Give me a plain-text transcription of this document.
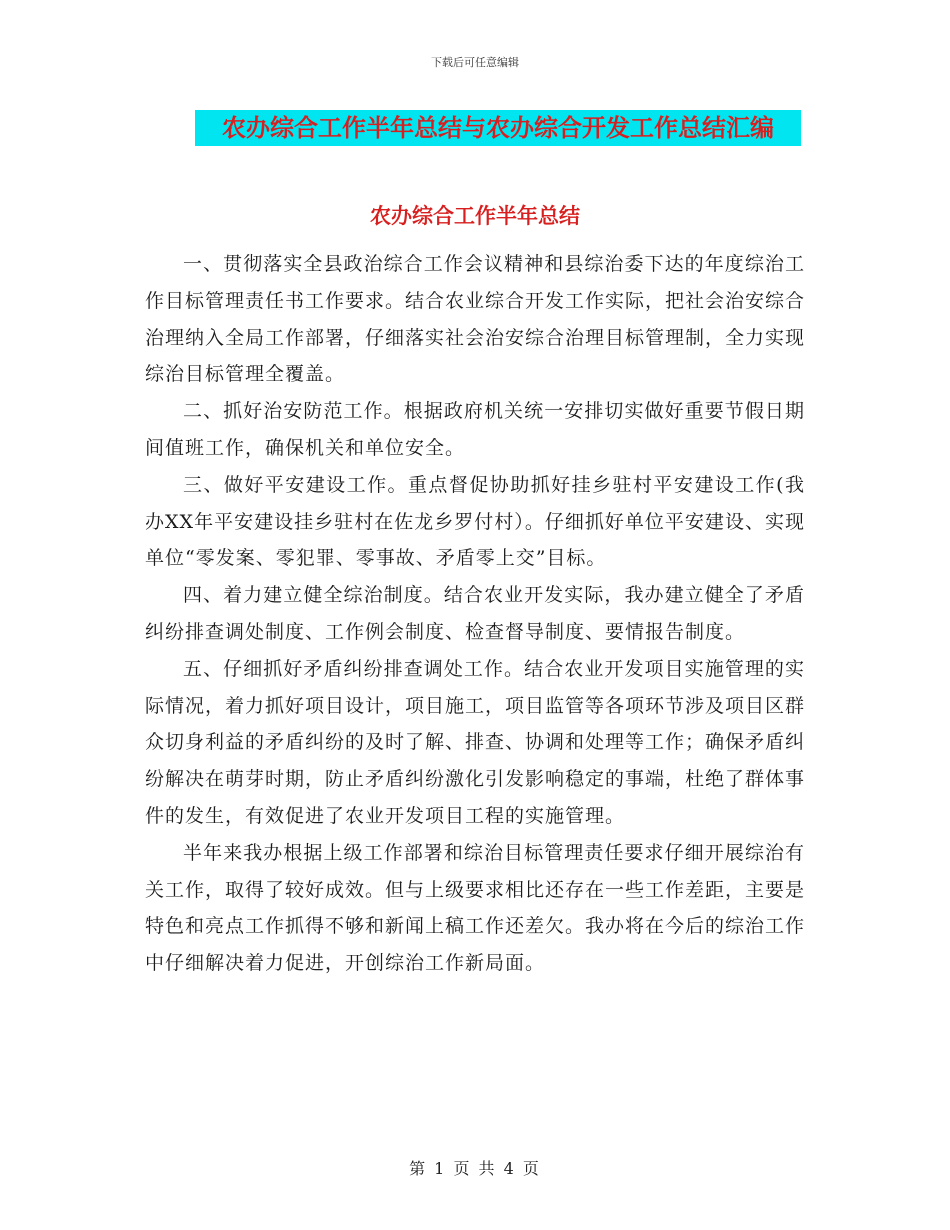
下载后可任意编辑
农办综合工作半年总结与农办综合开发工作总结汇编
农办综合工作半年总结

一、贯彻落实全县政治综合工作会议精神和县综治委下达的年度综治工作目标管理责任书工作要求。结合农业综合开发工作实际，把社会治安综合治理纳入全局工作部署，仔细落实社会治安综合治理目标管理制，全力实现综治目标管理全覆盖。

二、抓好治安防范工作。根据政府机关统一安排切实做好重要节假日期间值班工作，确保机关和单位安全。

三、做好平安建设工作。重点督促协助抓好挂乡驻村平安建设工作(我办XX年平安建设挂乡驻村在佐龙乡罗付村）。仔细抓好单位平安建设、实现单位“零发案、零犯罪、零事故、矛盾零上交”目标。

四、着力建立健全综治制度。结合农业开发实际，我办建立健全了矛盾纠纷排查调处制度、工作例会制度、检查督导制度、要情报告制度。

五、仔细抓好矛盾纠纷排查调处工作。结合农业开发项目实施管理的实际情况，着力抓好项目设计，项目施工，项目监管等各项环节涉及项目区群众切身利益的矛盾纠纷的及时了解、排查、协调和处理等工作；确保矛盾纠纷解决在萌芽时期，防止矛盾纠纷激化引发影响稳定的事端，杜绝了群体事件的发生，有效促进了农业开发项目工程的实施管理。

半年来我办根据上级工作部署和综治目标管理责任要求仔细开展综治有关工作，取得了较好成效。但与上级要求相比还存在一些工作差距，主要是特色和亮点工作抓得不够和新闻上稿工作还差欠。我办将在今后的综治工作中仔细解决着力促进，开创综治工作新局面。

第 1 页 共 4 页
